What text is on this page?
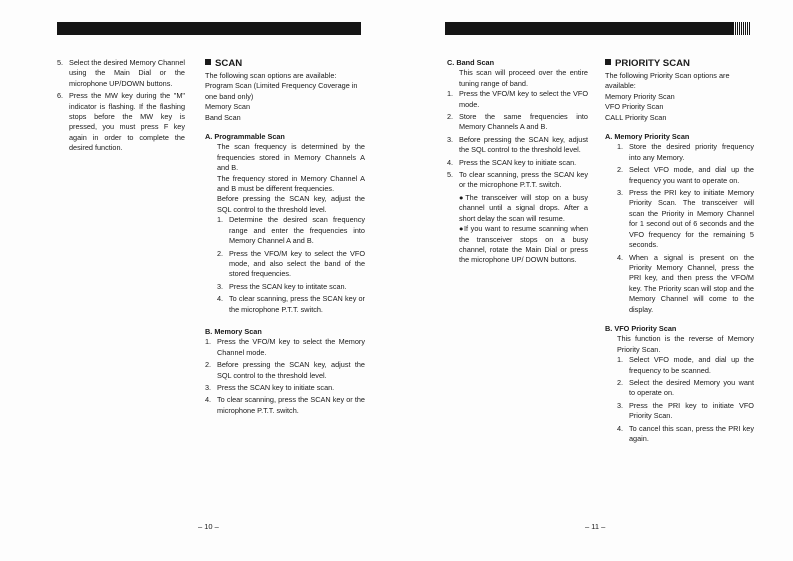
5. Select the desired Memory Channel using the Main Dial or the microphone UP/DOWN buttons.
6. Press the MW key during the "M" indicator is flashing. If the flashing stops before the MW key is pressed, you must press F key again in order to complete the desired function.
SCAN

The following scan options are available:

Program Scan (Limited Frequency Coverage in one band only)

Memory Scan

Band Scan

A. Programmable Scan

The scan frequency is determined by the frequencies stored in Memory Channels A and B.

The frequency stored in Memory Channel A and B must be different frequencies.

Before pressing the SCAN key, adjust the SQL control to the threshold level.

1. Determine the desired scan frequency range and enter the frequencies into Memory Channel A and B.
2. Press the VFO/M key to select the VFO mode, and also select the band of the stored frequencies.
3. Press the SCAN key to intitate scan.
4. To clear scanning, press the SCAN key or the microphone P.T.T. switch.
B. Memory Scan
1. Press the VFO/M key to select the Memory Channel mode.
2. Before pressing the SCAN key, adjust the SQL control to the threshold level.
3. Press the SCAN key to initiate scan.
4. To clear scanning, press the SCAN key or the microphone P.T.T. switch.
C. Band Scan

This scan will proceed over the entire tuning range of band.

1. Press the VFO/M key to select the VFO mode.
2. Store the same frequencies into Memory Channels A and B.
3. Before pressing the SCAN key, adjust the SQL control to the threshold level.
4. Press the SCAN key to initiate scan.
5. To clear scanning, press the SCAN key or the microphone P.T.T. switch.

●The transceiver will stop on a busy channel until a signal drops. After a short delay the scan will resume.

●If you want to resume scanning when the transceiver stops on a busy channel, rotate the Main Dial or press the microphone UP/ DOWN buttons.

PRIORITY SCAN

The following Priority Scan options are available:

Memory Priority Scan

VFO Priority Scan

CALL Priority Scan

A. Memory Priority Scan
1. Store the desired priority frequency into any Memory.
2. Select VFO mode, and dial up the frequency you want to operate on.
3. Press the PRI key to initiate Memory Priority Scan. The transceiver will scan the Priority in Memory Channel for 1 second out of 6 seconds and the VFO frequency for the remaining 5 seconds.
4. When a signal is present on the Priority Memory Channel, press the PRI key, and then press the VFO/M key. The Priority scan will stop and the Memory Channel will come to the display.
B. VFO Priority Scan

This function is the reverse of Memory Priority Scan.

1. Select VFO mode, and dial up the frequency to be scanned.
2. Select the desired Memory you want to operate on.
3. Press the PRI key to initiate VFO Priority Scan.
4. To cancel this scan, press the PRI key again.
– 10 –	– 11 –
